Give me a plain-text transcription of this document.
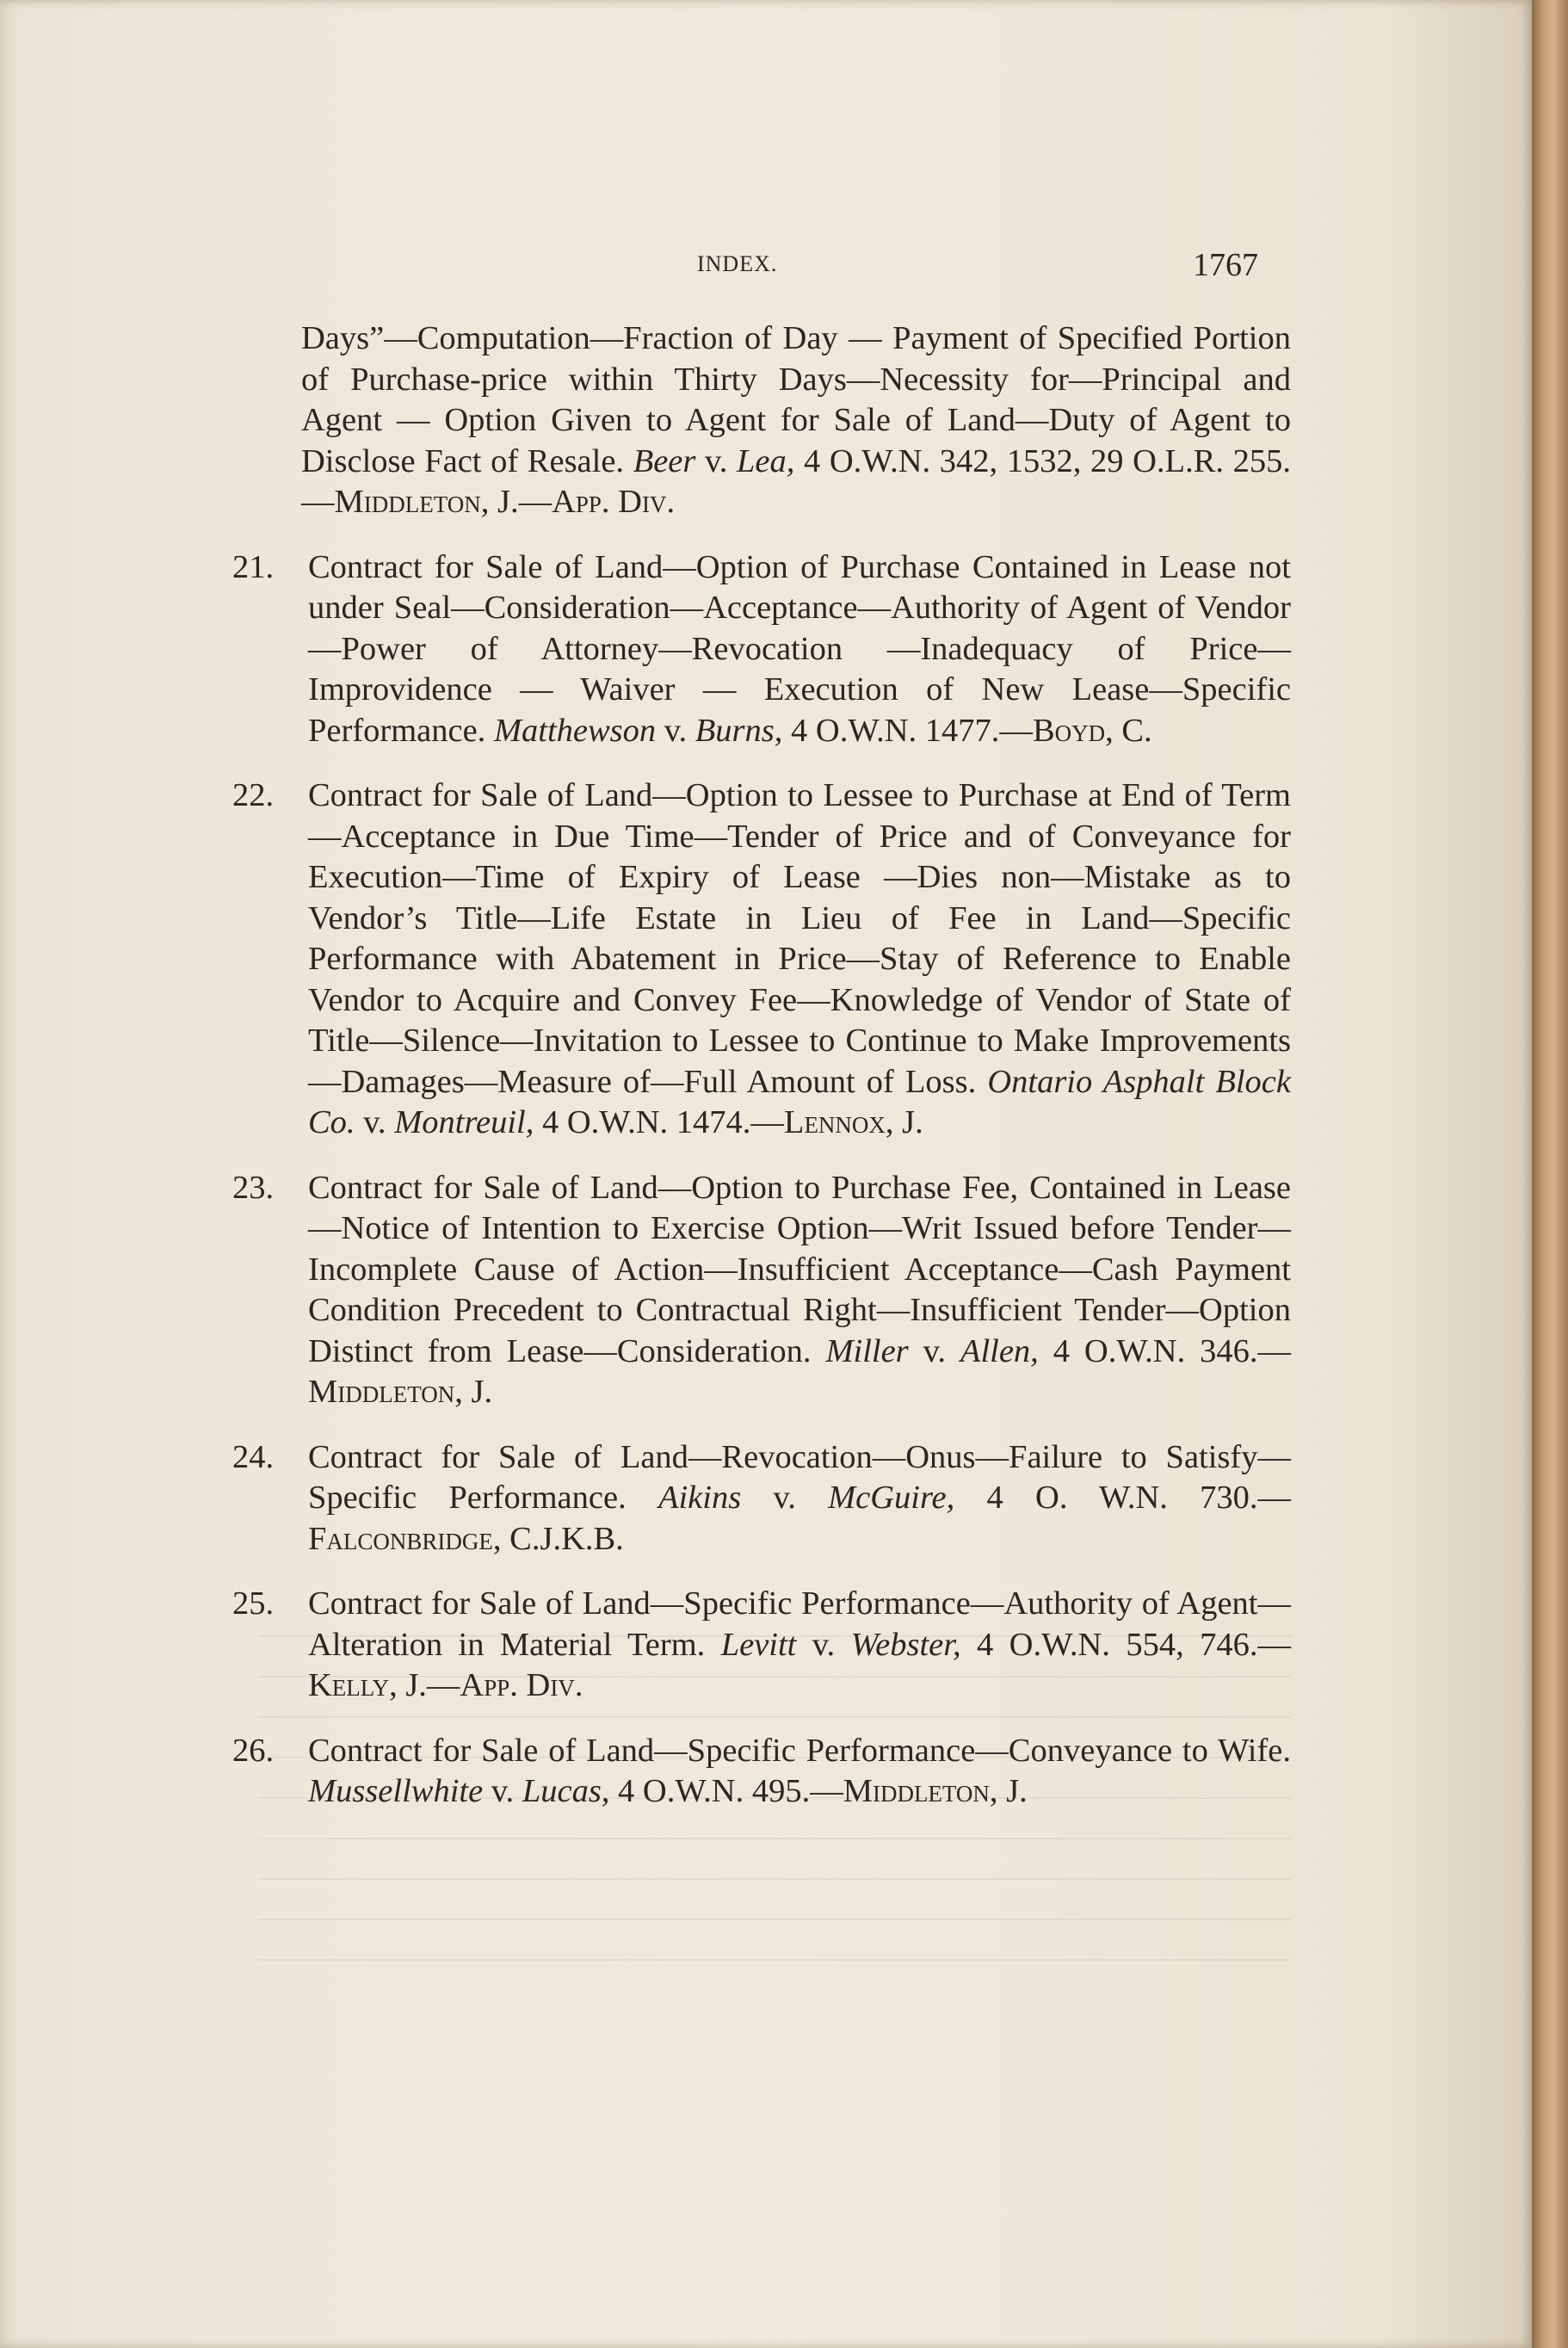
INDEX.	1767

Days”—Computation—Fraction of Day — Payment of Specified Portion of Purchase-price within Thirty Days—Necessity for—Principal and Agent — Option Given to Agent for Sale of Land—Duty of Agent to Disclose Fact of Resale. Beer v. Lea, 4 O.W.N. 342, 1532, 29 O.L.R. 255.—Middleton, J.—App. Div.

21. Contract for Sale of Land—Option of Purchase Contained in Lease not under Seal—Consideration—Acceptance—Authority of Agent of Vendor—Power of Attorney—Revocation —Inadequacy of Price—Improvidence — Waiver — Execution of New Lease—Specific Performance. Matthewson v. Burns, 4 O.W.N. 1477.—Boyd, C.

22. Contract for Sale of Land—Option to Lessee to Purchase at End of Term—Acceptance in Due Time—Tender of Price and of Conveyance for Execution—Time of Expiry of Lease —Dies non—Mistake as to Vendor’s Title—Life Estate in Lieu of Fee in Land—Specific Performance with Abatement in Price—Stay of Reference to Enable Vendor to Acquire and Convey Fee—Knowledge of Vendor of State of Title—Silence—Invitation to Lessee to Continue to Make Improvements—Damages—Measure of—Full Amount of Loss. Ontario Asphalt Block Co. v. Montreuil, 4 O.W.N. 1474.—Lennox, J.

23. Contract for Sale of Land—Option to Purchase Fee, Contained in Lease—Notice of Intention to Exercise Option—Writ Issued before Tender—Incomplete Cause of Action—Insufficient Acceptance—Cash Payment Condition Precedent to Contractual Right—Insufficient Tender—Option Distinct from Lease—Consideration. Miller v. Allen, 4 O.W.N. 346.—Middleton, J.

24. Contract for Sale of Land—Revocation—Onus—Failure to Satisfy—Specific Performance. Aikins v. McGuire, 4 O. W.N. 730.—Falconbridge, C.J.K.B.

25. Contract for Sale of Land—Specific Performance—Authority of Agent—Alteration in Material Term. Levitt v. Webster, 4 O.W.N. 554, 746.—Kelly, J.—App. Div.

26. Contract for Sale of Land—Specific Performance—Conveyance to Wife. Mussellwhite v. Lucas, 4 O.W.N. 495.—Middleton, J.
